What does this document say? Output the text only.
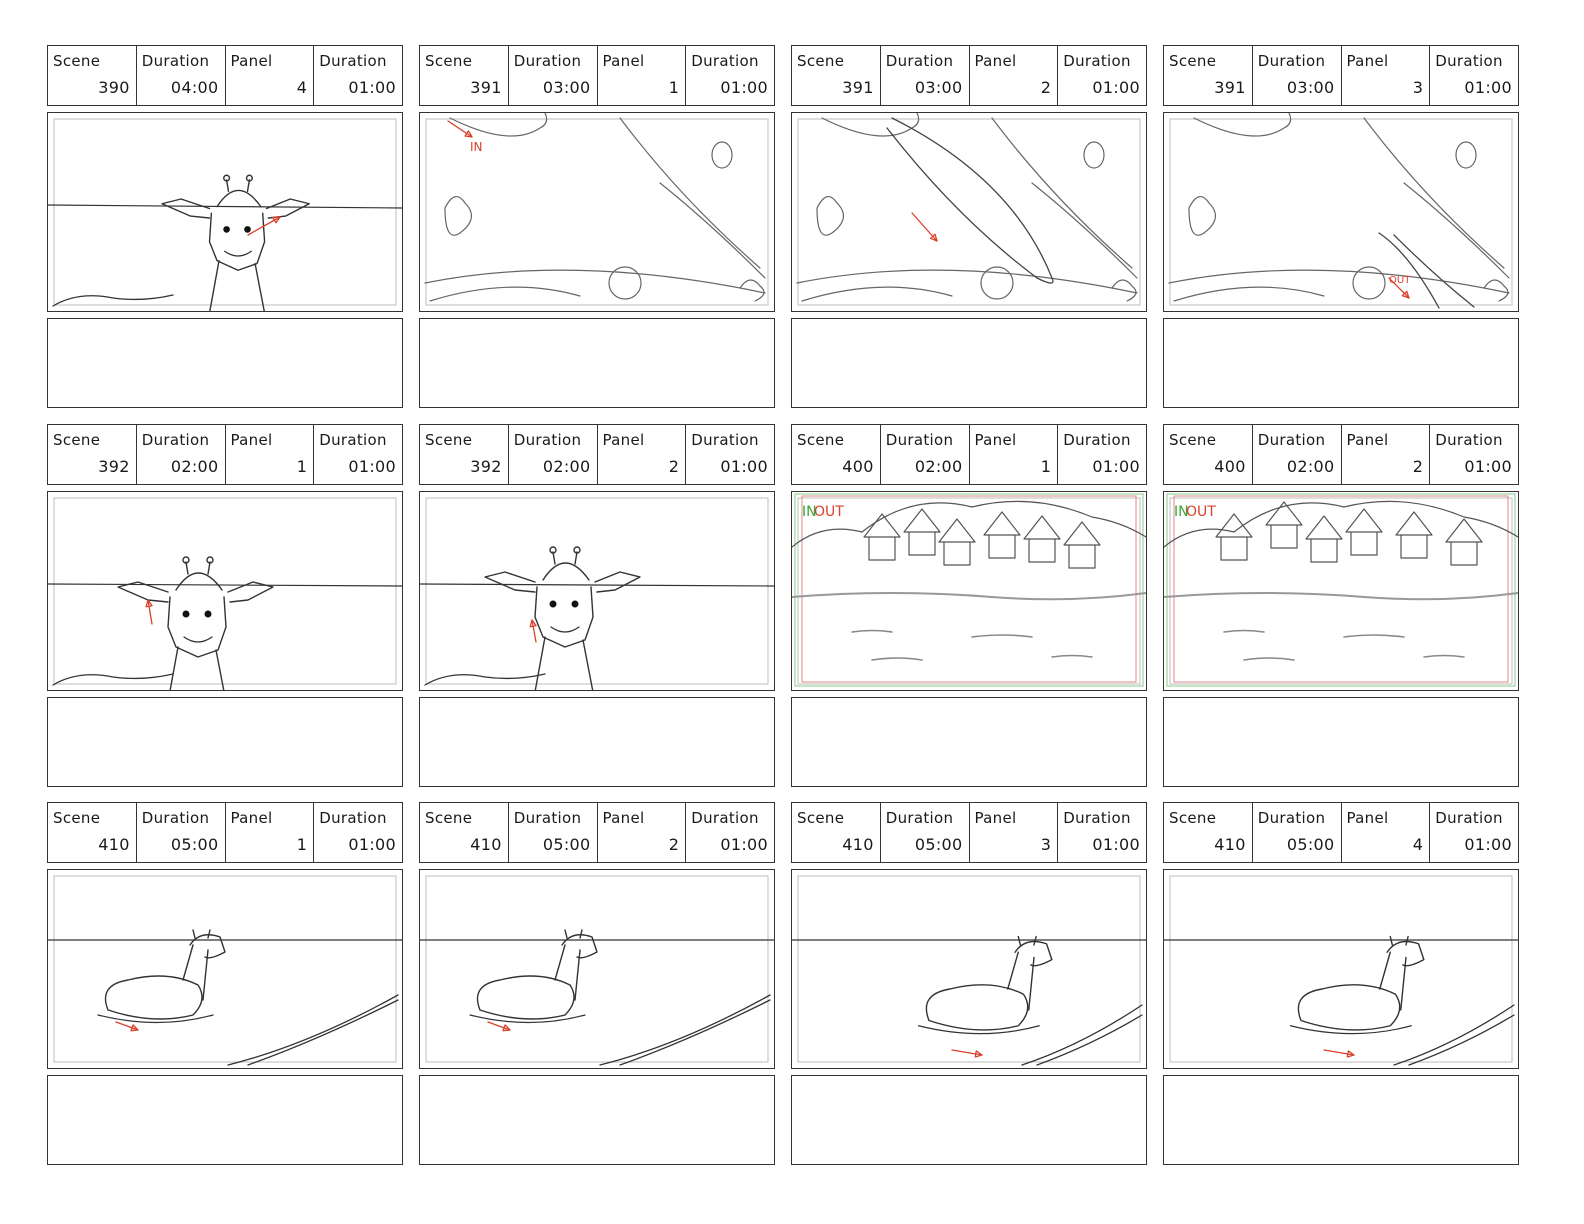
Scene
390
Duration
04:00
Panel
4
Duration
01:00
Scene
391
Duration
03:00
Panel
1
Duration
01:00
IN
Scene
391
Duration
03:00
Panel
2
Duration
01:00
Scene
391
Duration
03:00
Panel
3
Duration
01:00
OUT
Scene
392
Duration
02:00
Panel
1
Duration
01:00
Scene
392
Duration
02:00
Panel
2
Duration
01:00
Scene
400
Duration
02:00
Panel
1
Duration
01:00
IN
OUT
Scene
400
Duration
02:00
Panel
2
Duration
01:00
IN
OUT
Scene
410
Duration
05:00
Panel
1
Duration
01:00
Scene
410
Duration
05:00
Panel
2
Duration
01:00
Scene
410
Duration
05:00
Panel
3
Duration
01:00
Scene
410
Duration
05:00
Panel
4
Duration
01:00
